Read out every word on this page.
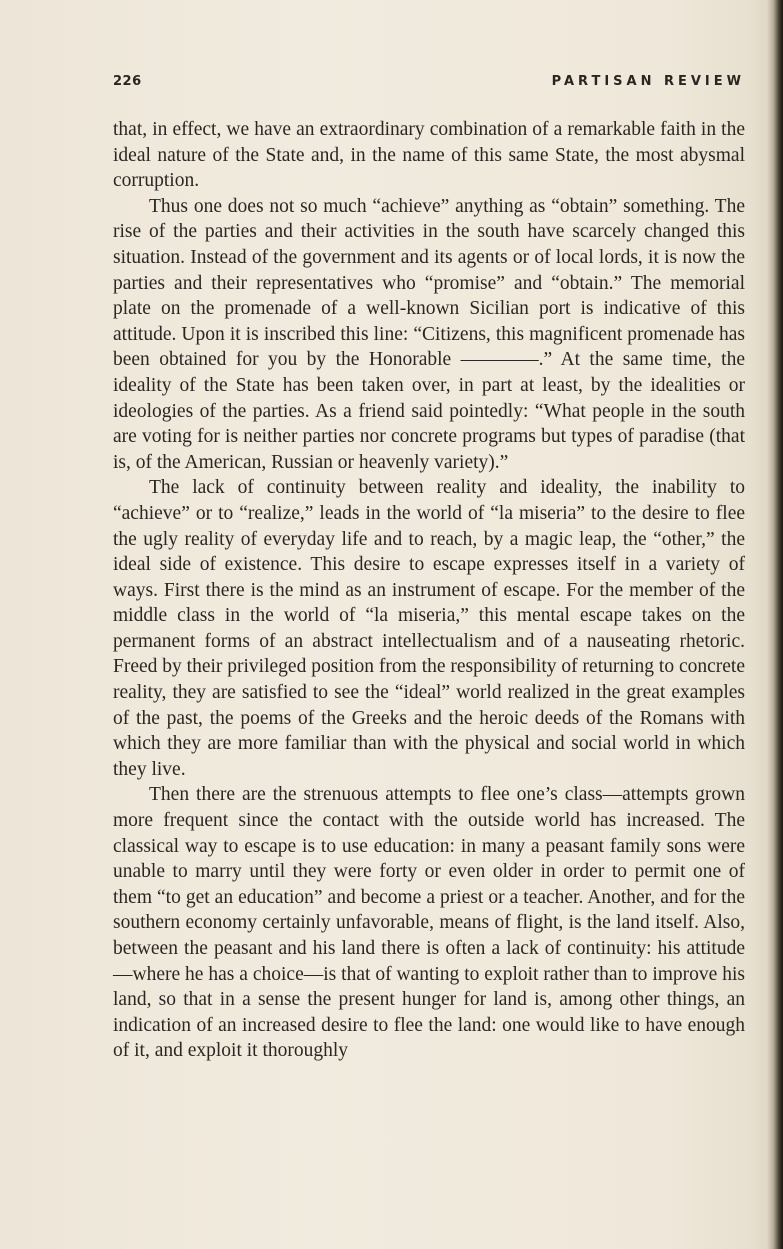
226	PARTISAN REVIEW

that, in effect, we have an extraordinary combination of a remarkable faith in the ideal nature of the State and, in the name of this same State, the most abysmal corruption.

Thus one does not so much “achieve” anything as “obtain” something. The rise of the parties and their activities in the south have scarcely changed this situation. Instead of the government and its agents or of local lords, it is now the parties and their representatives who “promise” and “obtain.” The memorial plate on the promenade of a well-known Sicilian port is indicative of this attitude. Upon it is inscribed this line: “Citizens, this magnificent promenade has been obtained for you by the Honorable ————.” At the same time, the ideality of the State has been taken over, in part at least, by the idealities or ideologies of the parties. As a friend said pointedly: “What people in the south are voting for is neither parties nor concrete programs but types of paradise (that is, of the American, Russian or heavenly variety).”

The lack of continuity between reality and ideality, the inability to “achieve” or to “realize,” leads in the world of “la miseria” to the desire to flee the ugly reality of everyday life and to reach, by a magic leap, the “other,” the ideal side of existence. This desire to escape expresses itself in a variety of ways. First there is the mind as an instrument of escape. For the member of the middle class in the world of “la miseria,” this mental escape takes on the permanent forms of an abstract intellectualism and of a nauseating rhetoric. Freed by their privileged position from the responsibility of returning to concrete reality, they are satisfied to see the “ideal” world realized in the great examples of the past, the poems of the Greeks and the heroic deeds of the Romans with which they are more familiar than with the physical and social world in which they live.

Then there are the strenuous attempts to flee one’s class—attempts grown more frequent since the contact with the outside world has increased. The classical way to escape is to use education: in many a peasant family sons were unable to marry until they were forty or even older in order to permit one of them “to get an education” and become a priest or a teacher. Another, and for the southern economy certainly unfavorable, means of flight, is the land itself. Also, between the peasant and his land there is often a lack of continuity: his attitude—where he has a choice—is that of wanting to exploit rather than to improve his land, so that in a sense the present hunger for land is, among other things, an indication of an increased desire to flee the land: one would like to have enough of it, and exploit it thoroughly
